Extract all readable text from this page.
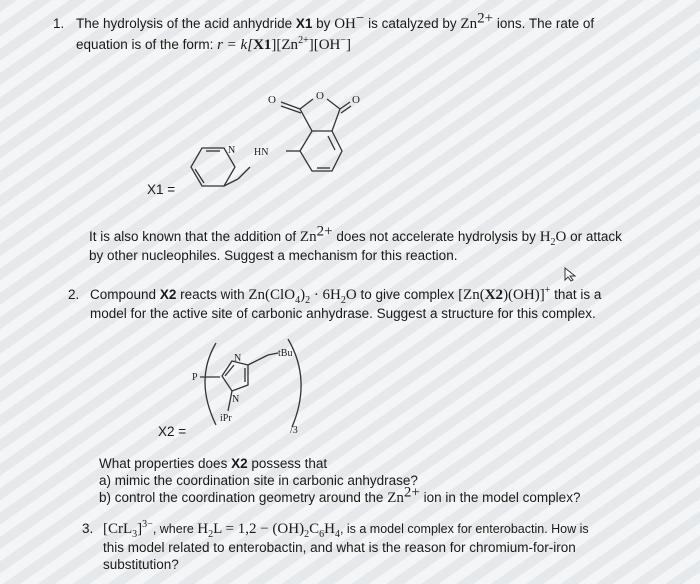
1. The hydrolysis of the acid anhydride X1 by OH− is catalyzed by $Zn^{2+}$ ions. The rate of
equation is of the form: $r = k[X1][Zn^{2+}][OH^-]$
X1 =
O	O	O
N HN
It is also known that the addition of $Zn^{2+}$ does not accelerate hydrolysis by $H_2O$ or attack
by other nucleophiles. Suggest a mechanism for this reaction.
2. Compound X2 reacts with $Zn(ClO_4)_2 \cdot 6H_2O$ to give complex [Zn(X2)(OH)]+ that is a
model for the active site of carbonic anhydrase. Suggest a structure for this complex.
X2 =
N
N
P
tBu
iPr
/3
What properties does X2 possess that
a) mimic the coordination site in carbonic anhydrase?
b) control the coordination geometry around the $Zn^{2+}$ ion in the model complex?
3. $[CrL_3]^{3-}$, where $H_2L = 1,2 - (OH)_2C_6H_4$, is a model complex for enterobactin. How is
this model related to enterobactin, and what is the reason for chromium-for-iron
substitution?
